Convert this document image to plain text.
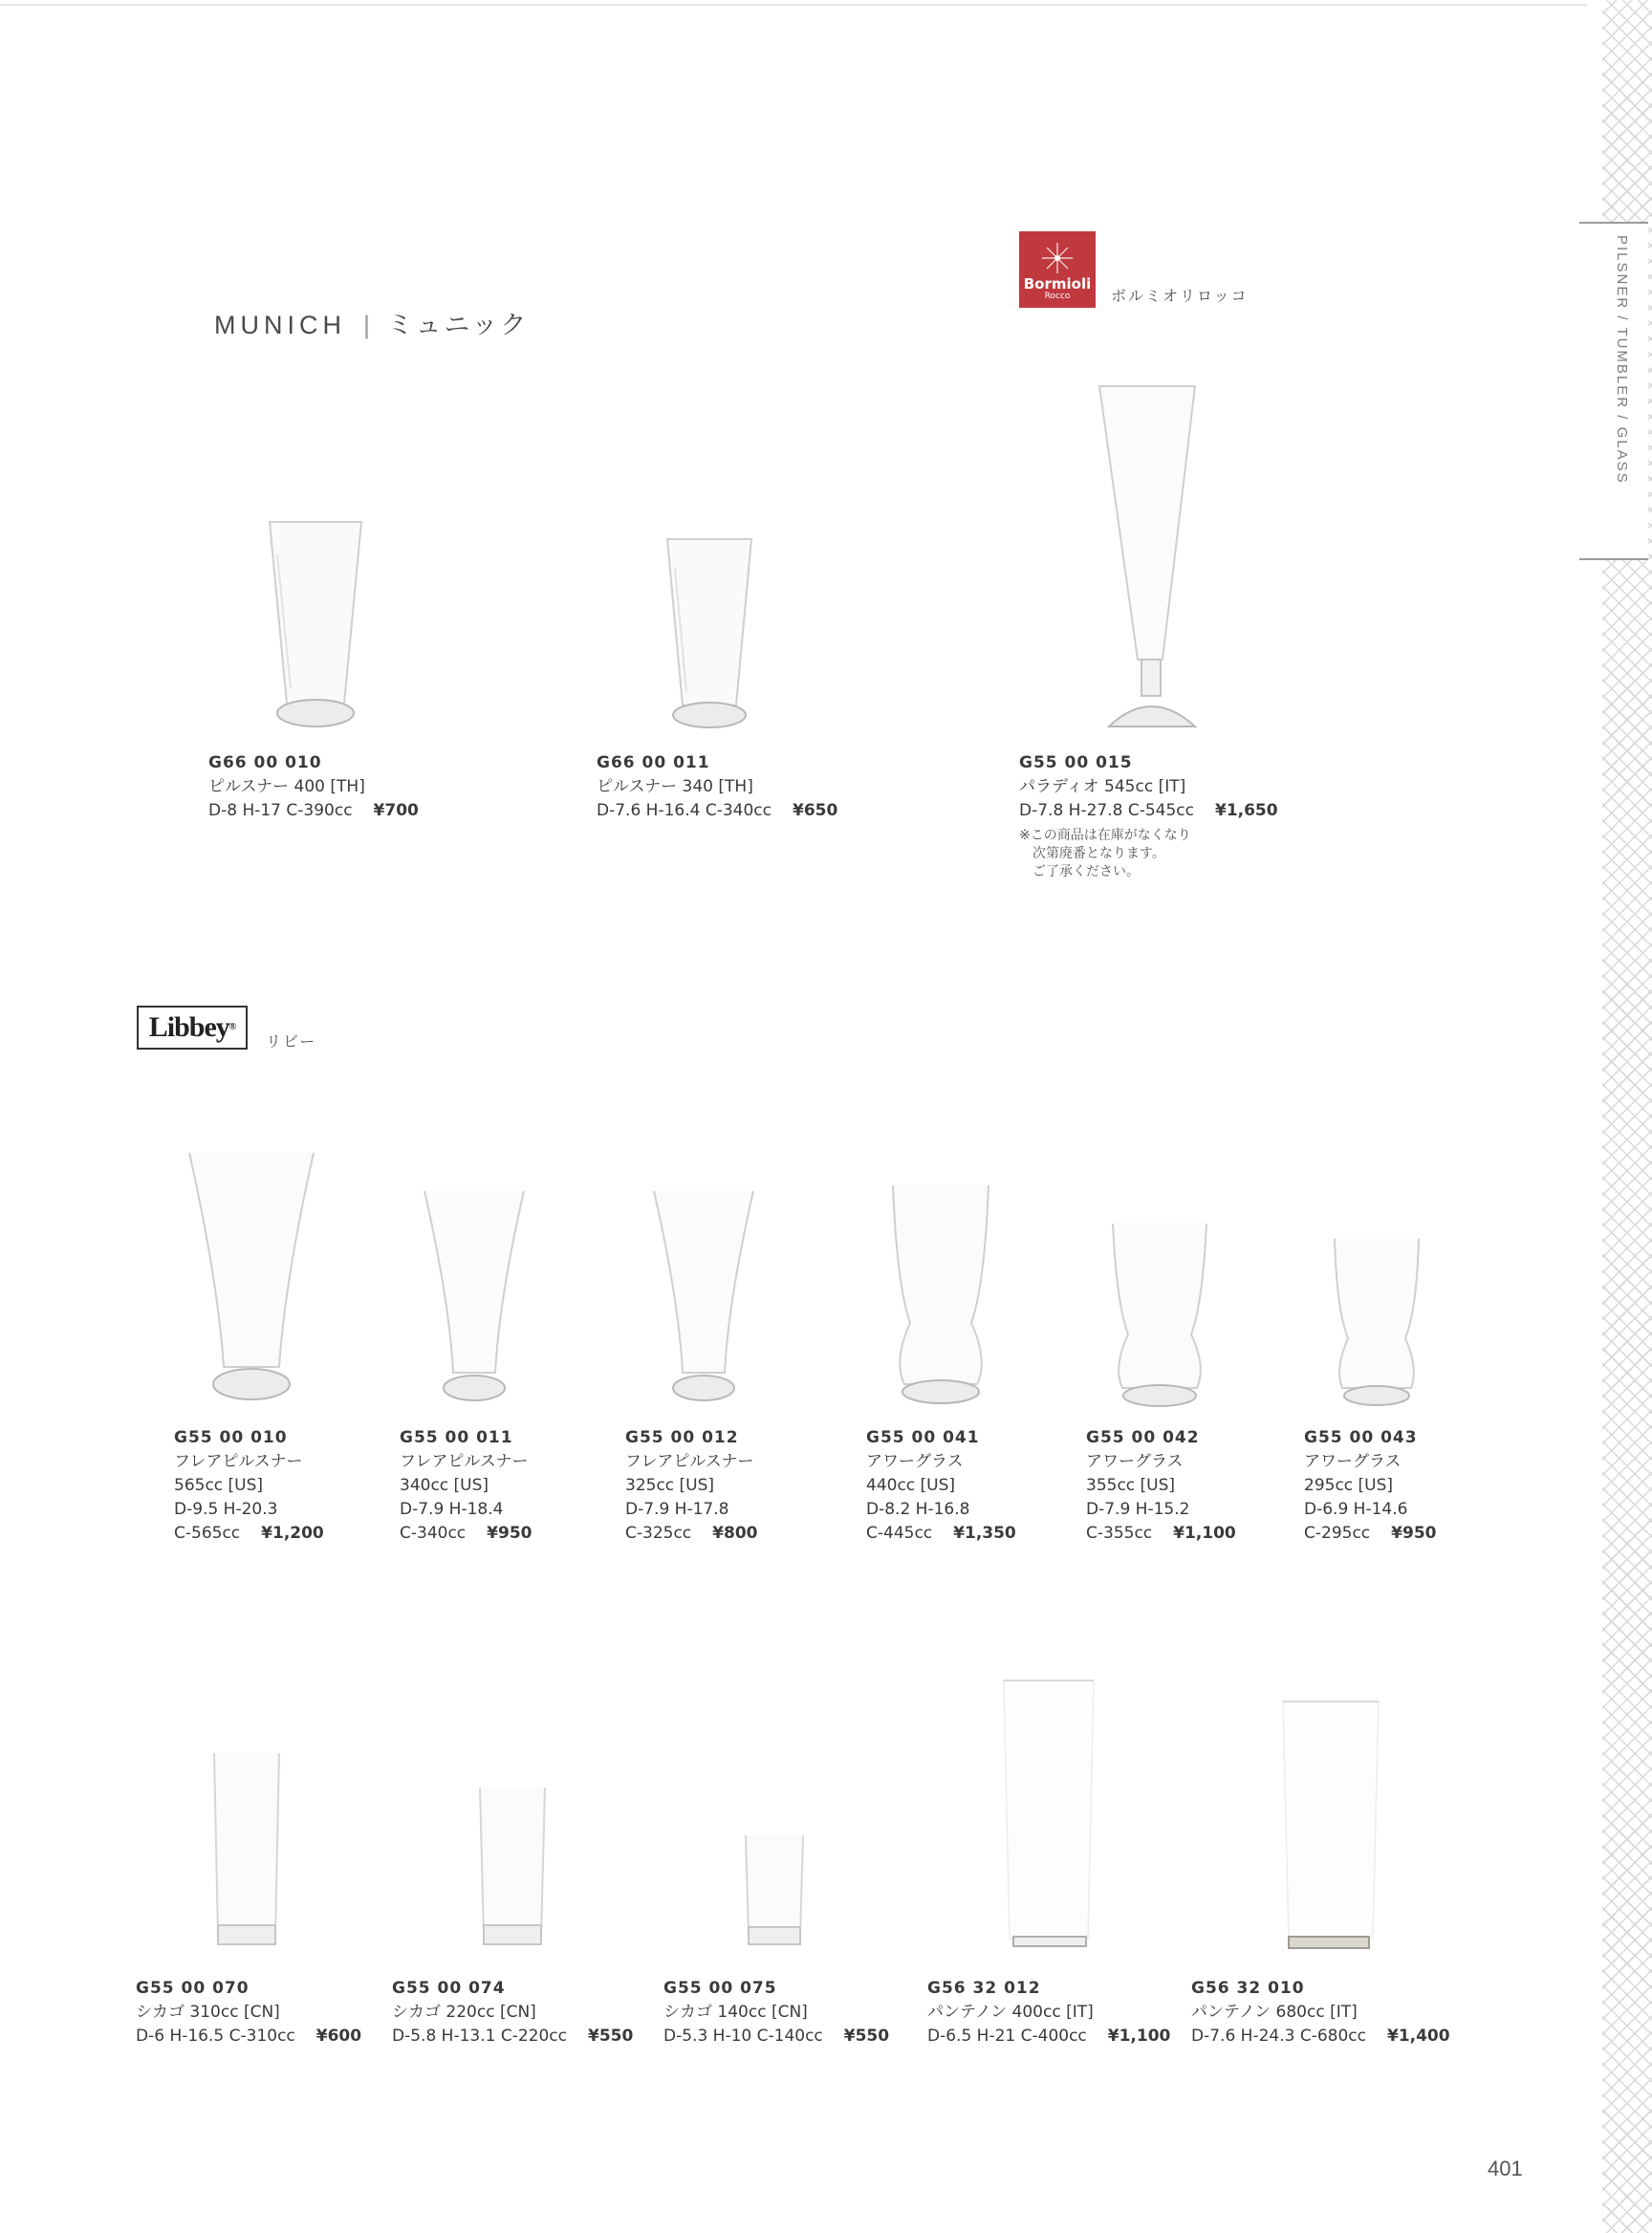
PILSNER / TUMBLER / GLASS
MUNICH | ミュニック
Bormioli
Rocco	ボルミオリロッコ
Libbey®
リビー
G66 00 010
ピルスナー 400 [TH]
D-8 H-17 C-390cc ¥700
G66 00 011
ピルスナー 340 [TH]
D-7.6 H-16.4 C-340cc ¥650
G55 00 015
パラディオ 545cc [IT]
D-7.8 H-27.8 C-545cc ¥1,650
※この商品は在庫がなくなり
次第廃番となります。
ご了承ください。
G55 00 010
フレアピルスナー
565cc [US]
D-9.5 H-20.3
C-565cc ¥1,200
G55 00 011
フレアピルスナー
340cc [US]
D-7.9 H-18.4
C-340cc ¥950
G55 00 012
フレアピルスナー
325cc [US]
D-7.9 H-17.8
C-325cc ¥800
G55 00 041
アワーグラス
440cc [US]
D-8.2 H-16.8
C-445cc ¥1,350
G55 00 042
アワーグラス
355cc [US]
D-7.9 H-15.2
C-355cc ¥1,100
G55 00 043
アワーグラス
295cc [US]
D-6.9 H-14.6
C-295cc ¥950
G55 00 070
シカゴ 310cc [CN]
D-6 H-16.5 C-310cc ¥600
G55 00 074
シカゴ 220cc [CN]
D-5.8 H-13.1 C-220cc ¥550
G55 00 075
シカゴ 140cc [CN]
D-5.3 H-10 C-140cc ¥550
G56 32 012
パンテノン 400cc [IT]
D-6.5 H-21 C-400cc ¥1,100
G56 32 010
パンテノン 680cc [IT]
D-7.6 H-24.3 C-680cc ¥1,400
401
